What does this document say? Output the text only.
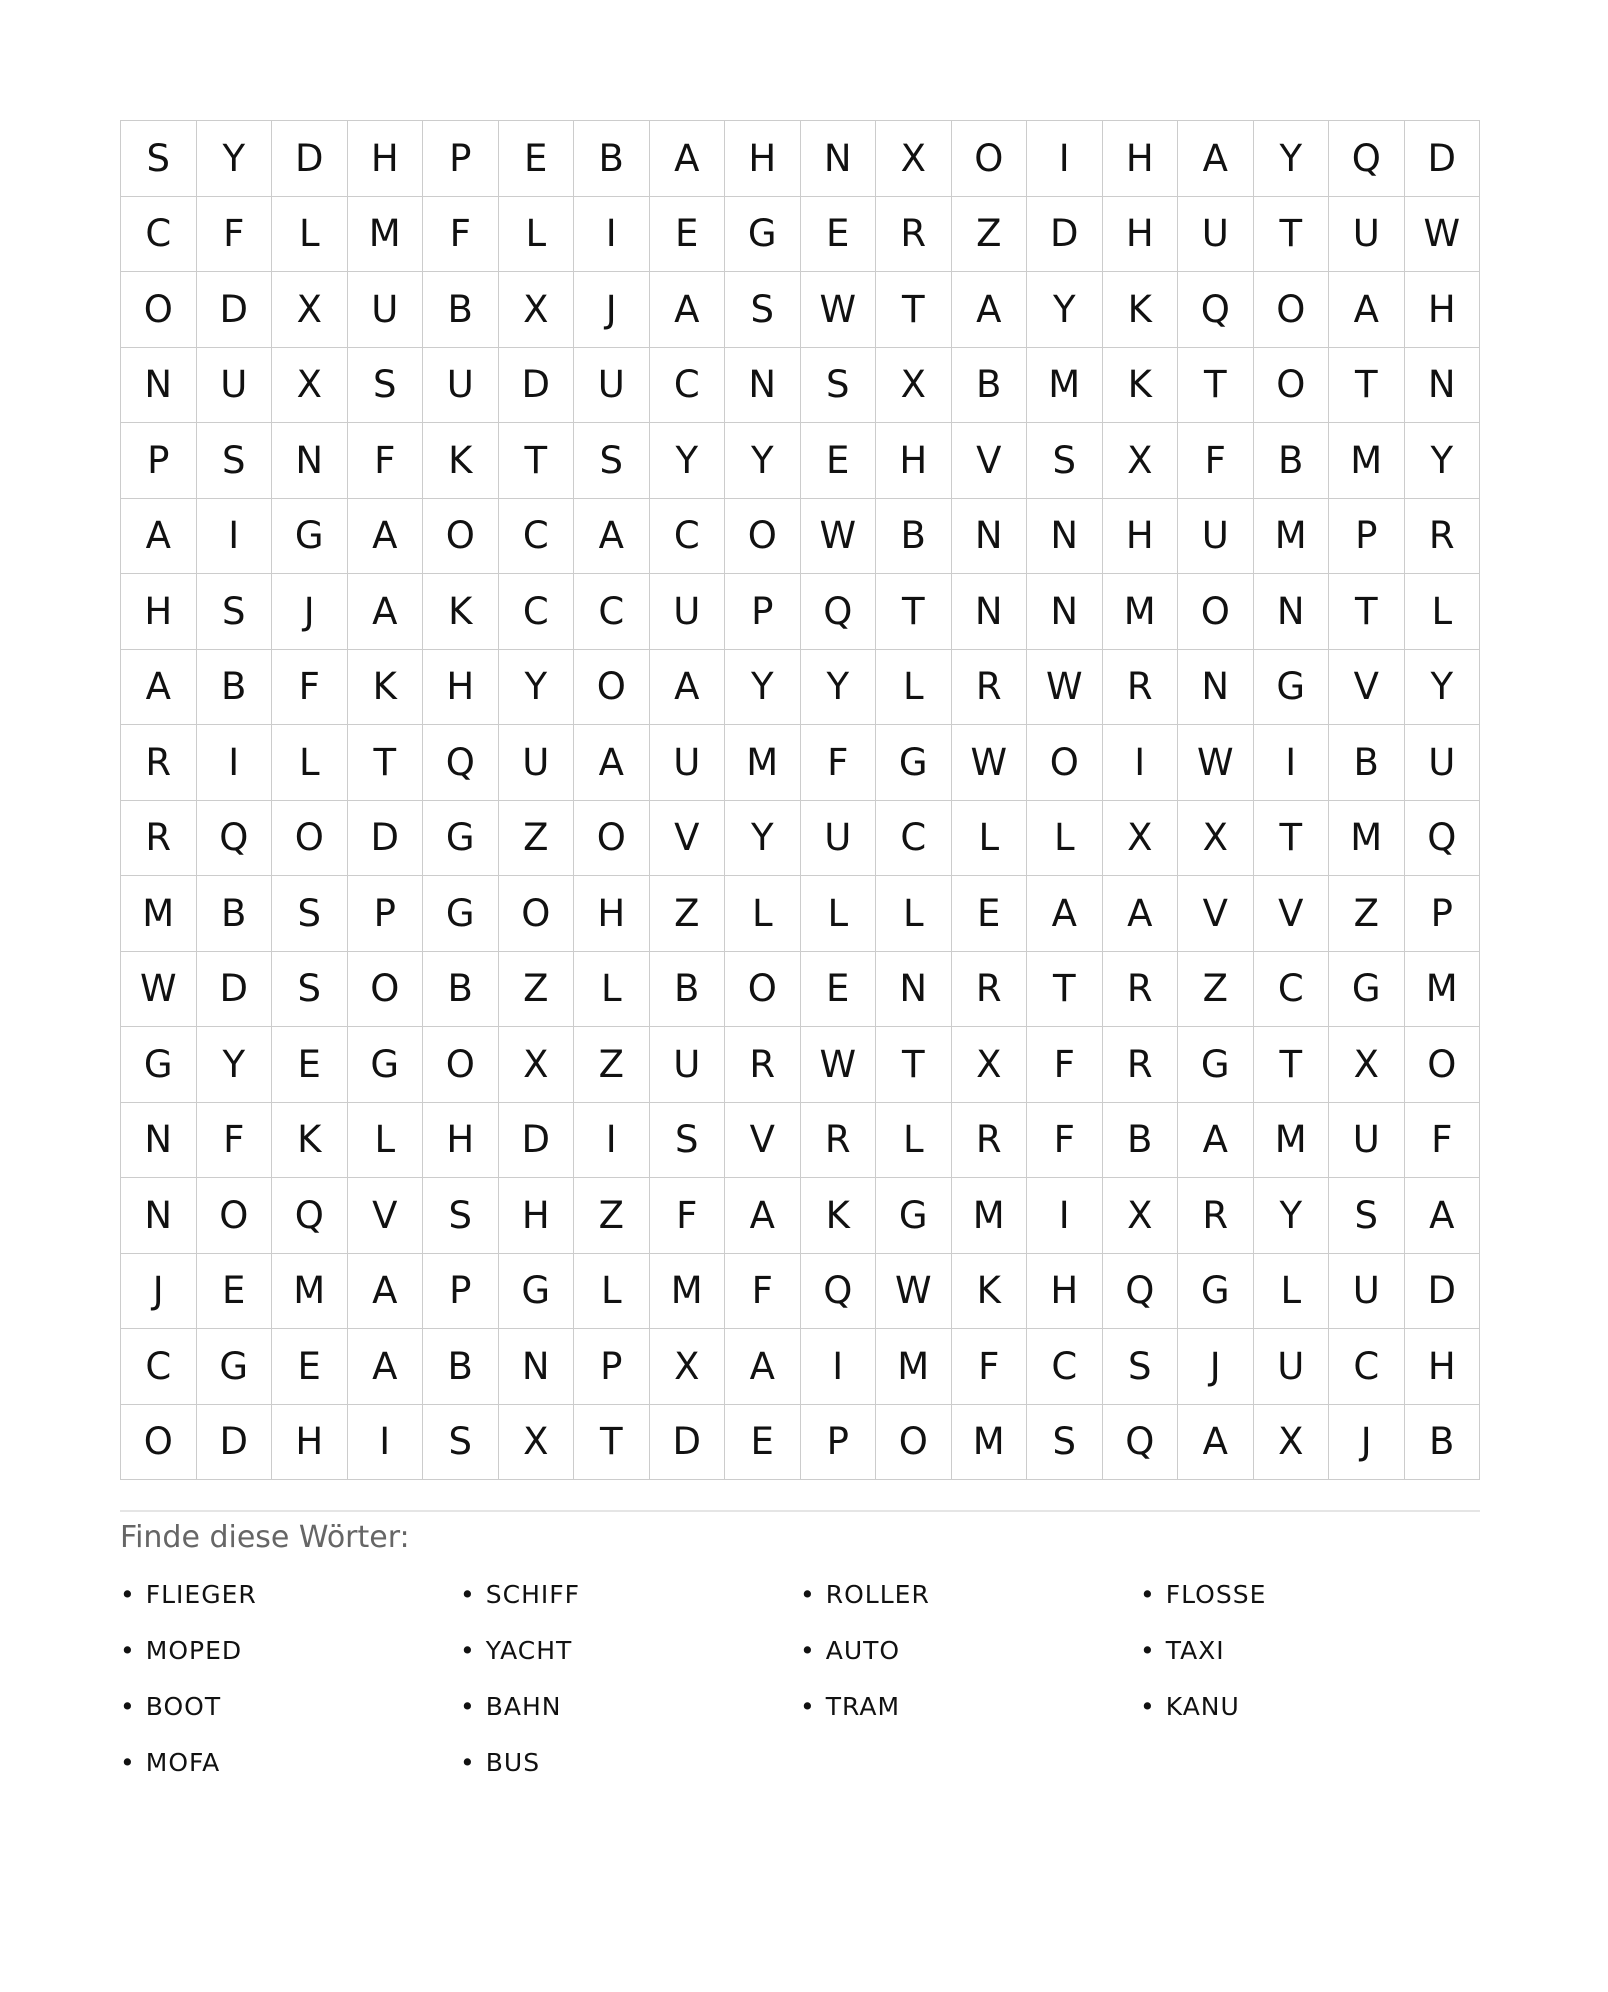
S	Y	D	H	P	E	B	A	H	N	X	O	I	H	A	Y	Q	D
C	F	L	M	F	L	I	E	G	E	R	Z	D	H	U	T	U	W
O	D	X	U	B	X	J	A	S	W	T	A	Y	K	Q	O	A	H
N	U	X	S	U	D	U	C	N	S	X	B	M	K	T	O	T	N
P	S	N	F	K	T	S	Y	Y	E	H	V	S	X	F	B	M	Y
A	I	G	A	O	C	A	C	O	W	B	N	N	H	U	M	P	R
H	S	J	A	K	C	C	U	P	Q	T	N	N	M	O	N	T	L
A	B	F	K	H	Y	O	A	Y	Y	L	R	W	R	N	G	V	Y
R	I	L	T	Q	U	A	U	M	F	G	W	O	I	W	I	B	U
R	Q	O	D	G	Z	O	V	Y	U	C	L	L	X	X	T	M	Q
M	B	S	P	G	O	H	Z	L	L	L	E	A	A	V	V	Z	P
W	D	S	O	B	Z	L	B	O	E	N	R	T	R	Z	C	G	M
G	Y	E	G	O	X	Z	U	R	W	T	X	F	R	G	T	X	O
N	F	K	L	H	D	I	S	V	R	L	R	F	B	A	M	U	F
N	O	Q	V	S	H	Z	F	A	K	G	M	I	X	R	Y	S	A
J	E	M	A	P	G	L	M	F	Q	W	K	H	Q	G	L	U	D
C	G	E	A	B	N	P	X	A	I	M	F	C	S	J	U	C	H
O	D	H	I	S	X	T	D	E	P	O	M	S	Q	A	X	J	B
Finde diese Wörter:
• FLIEGER	• SCHIFF	• ROLLER	• FLOSSE
• MOPED	• YACHT	• AUTO	• TAXI
• BOOT	• BAHN	• TRAM	• KANU
• MOFA	• BUS
